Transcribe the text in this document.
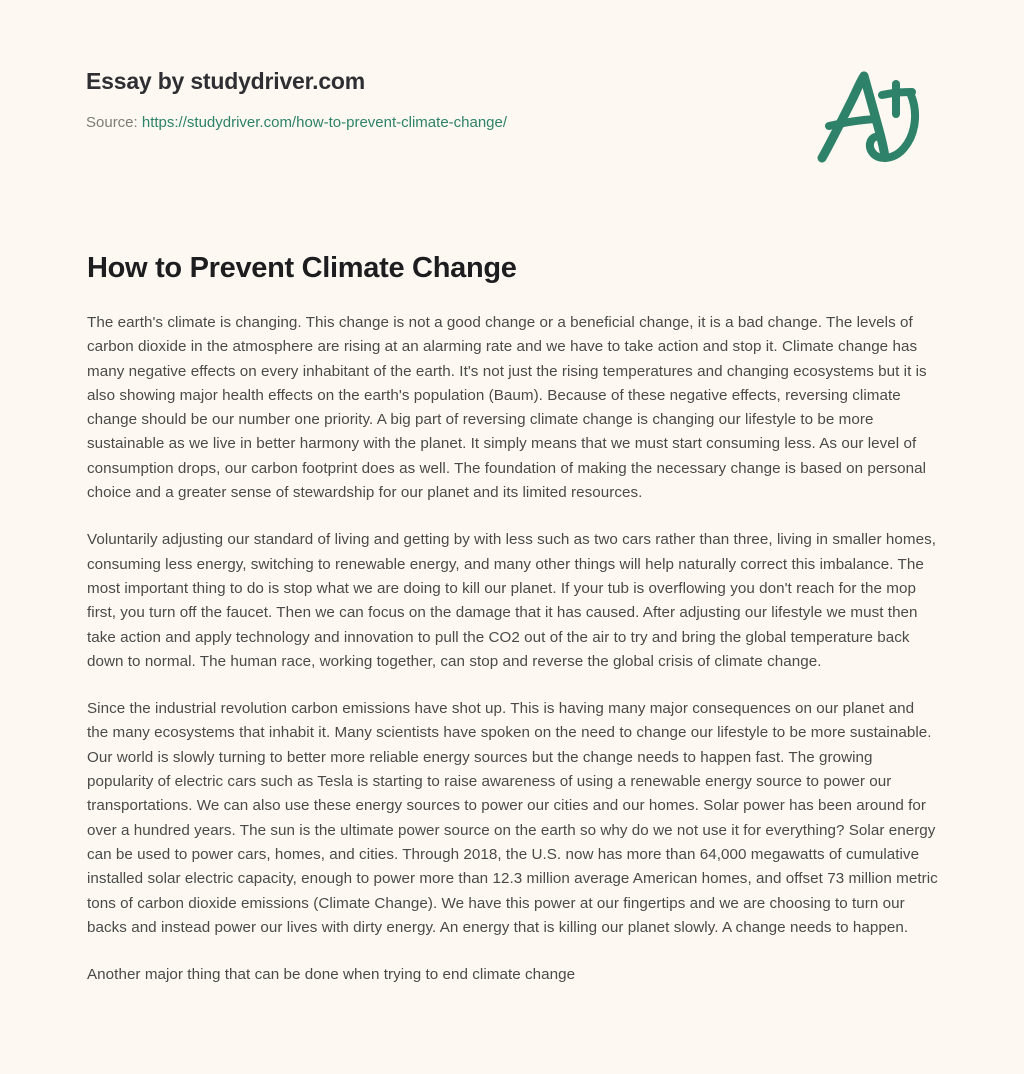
Essay by studydriver.com
Source: https://studydriver.com/how-to-prevent-climate-change/
How to Prevent Climate Change

The earth's climate is changing. This change is not a good change or a beneficial change, it is a bad change. The levels of carbon dioxide in the atmosphere are rising at an alarming rate and we have to take action and stop it. Climate change has many negative effects on every inhabitant of the earth. It's not just the rising temperatures and changing ecosystems but it is also showing major health effects on the earth's population (Baum). Because of these negative effects, reversing climate change should be our number one priority. A big part of reversing climate change is changing our lifestyle to be more sustainable as we live in better harmony with the planet. It simply means that we must start consuming less. As our level of consumption drops, our carbon footprint does as well. The foundation of making the necessary change is based on personal choice and a greater sense of stewardship for our planet and its limited resources.

Voluntarily adjusting our standard of living and getting by with less such as two cars rather than three, living in smaller homes, consuming less energy, switching to renewable energy, and many other things will help naturally correct this imbalance. The most important thing to do is stop what we are doing to kill our planet. If your tub is overflowing you don't reach for the mop first, you turn off the faucet. Then we can focus on the damage that it has caused. After adjusting our lifestyle we must then take action and apply technology and innovation to pull the CO2 out of the air to try and bring the global temperature back down to normal. The human race, working together, can stop and reverse the global crisis of climate change.

Since the industrial revolution carbon emissions have shot up. This is having many major consequences on our planet and the many ecosystems that inhabit it. Many scientists have spoken on the need to change our lifestyle to be more sustainable. Our world is slowly turning to better more reliable energy sources but the change needs to happen fast. The growing popularity of electric cars such as Tesla is starting to raise awareness of using a renewable energy source to power our transportations. We can also use these energy sources to power our cities and our homes. Solar power has been around for over a hundred years. The sun is the ultimate power source on the earth so why do we not use it for everything? Solar energy can be used to power cars, homes, and cities. Through 2018, the U.S. now has more than 64,000 megawatts of cumulative installed solar electric capacity, enough to power more than 12.3 million average American homes, and offset 73 million metric tons of carbon dioxide emissions (Climate Change). We have this power at our fingertips and we are choosing to turn our backs and instead power our lives with dirty energy. An energy that is killing our planet slowly. A change needs to happen.

Another major thing that can be done when trying to end climate change
